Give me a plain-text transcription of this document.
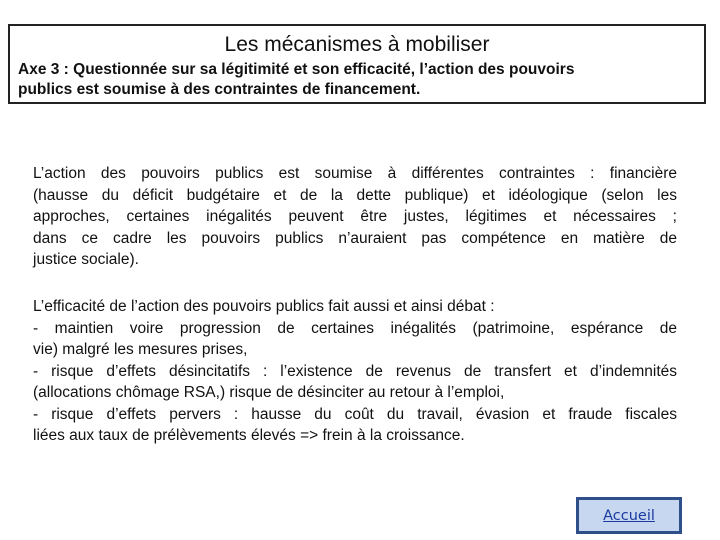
Les mécanismes à mobiliser
Axe 3 : Questionnée sur sa légitimité et son efficacité, l’action des pouvoirs
publics est soumise à des contraintes de financement.
L’action des pouvoirs publics est soumise à différentes contraintes : financière
(hausse du déficit budgétaire et de la dette publique) et idéologique (selon les
approches, certaines inégalités peuvent être justes, légitimes et nécessaires ;
dans ce cadre les pouvoirs publics n’auraient pas compétence en matière de
justice sociale).
L’efficacité de l’action des pouvoirs publics fait aussi et ainsi débat :
- maintien voire progression de certaines inégalités (patrimoine, espérance de
vie) malgré les mesures prises,
- risque d’effets désincitatifs : l’existence de revenus de transfert et d’indemnités
(allocations chômage RSA,) risque de désinciter au retour à l’emploi,
- risque d’effets pervers : hausse du coût du travail, évasion et fraude fiscales
liées aux taux de prélèvements élevés => frein à la croissance.
Accueil
